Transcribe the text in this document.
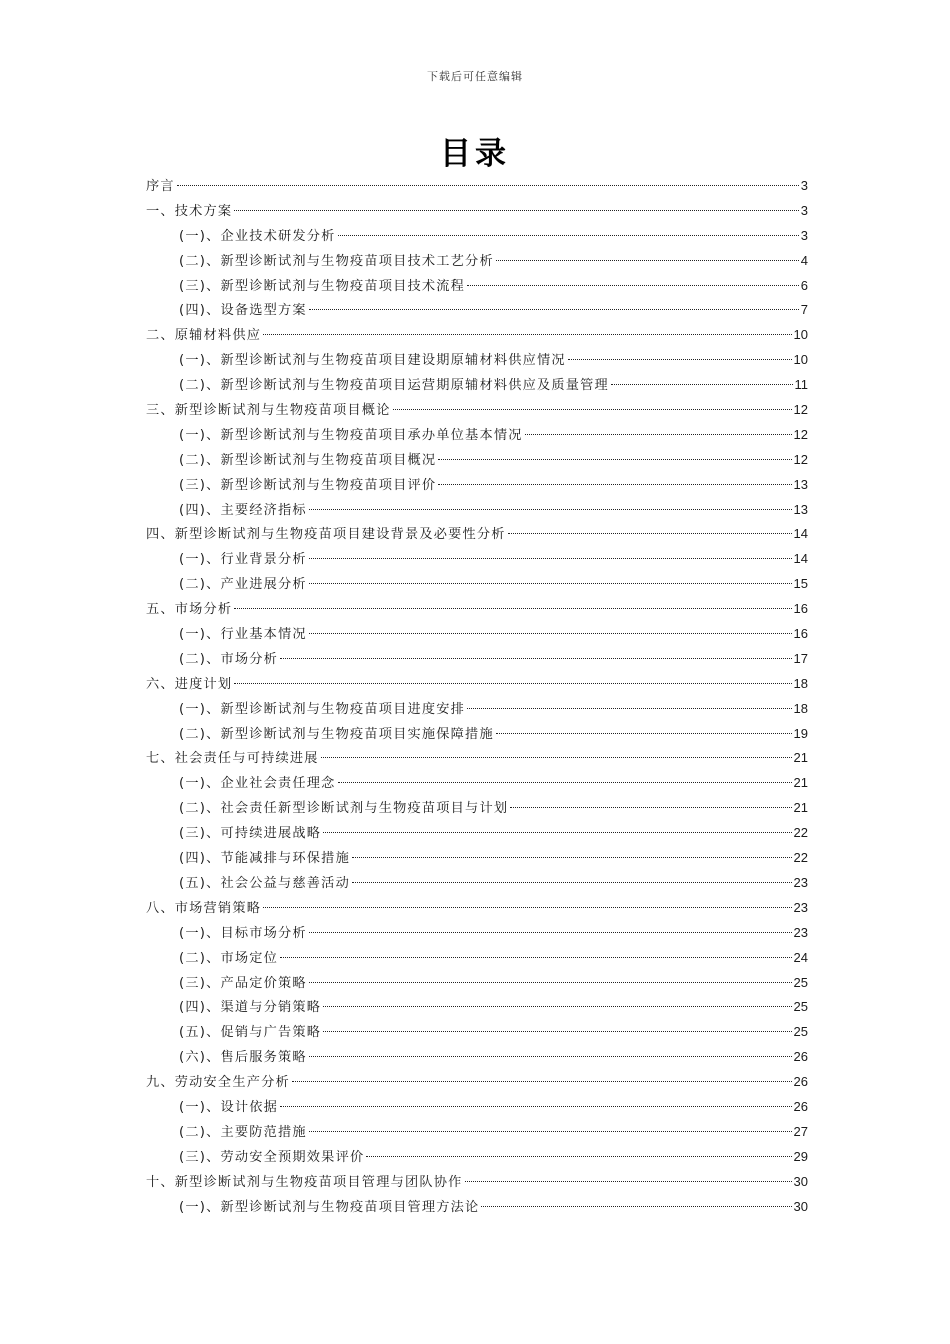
下载后可任意编辑
目录
序言	3
一、技术方案	3
(一)、企业技术研发分析	3
(二)、新型诊断试剂与生物疫苗项目技术工艺分析	4
(三)、新型诊断试剂与生物疫苗项目技术流程	6
(四)、设备选型方案	7
二、原辅材料供应	10
(一)、新型诊断试剂与生物疫苗项目建设期原辅材料供应情况	10
(二)、新型诊断试剂与生物疫苗项目运营期原辅材料供应及质量管理	11
三、新型诊断试剂与生物疫苗项目概论	12
(一)、新型诊断试剂与生物疫苗项目承办单位基本情况	12
(二)、新型诊断试剂与生物疫苗项目概况	12
(三)、新型诊断试剂与生物疫苗项目评价	13
(四)、主要经济指标	13
四、新型诊断试剂与生物疫苗项目建设背景及必要性分析	14
(一)、行业背景分析	14
(二)、产业进展分析	15
五、市场分析	16
(一)、行业基本情况	16
(二)、市场分析	17
六、进度计划	18
(一)、新型诊断试剂与生物疫苗项目进度安排	18
(二)、新型诊断试剂与生物疫苗项目实施保障措施	19
七、社会责任与可持续进展	21
(一)、企业社会责任理念	21
(二)、社会责任新型诊断试剂与生物疫苗项目与计划	21
(三)、可持续进展战略	22
(四)、节能减排与环保措施	22
(五)、社会公益与慈善活动	23
八、市场营销策略	23
(一)、目标市场分析	23
(二)、市场定位	24
(三)、产品定价策略	25
(四)、渠道与分销策略	25
(五)、促销与广告策略	25
(六)、售后服务策略	26
九、劳动安全生产分析	26
(一)、设计依据	26
(二)、主要防范措施	27
(三)、劳动安全预期效果评价	29
十、新型诊断试剂与生物疫苗项目管理与团队协作	30
(一)、新型诊断试剂与生物疫苗项目管理方法论	30
